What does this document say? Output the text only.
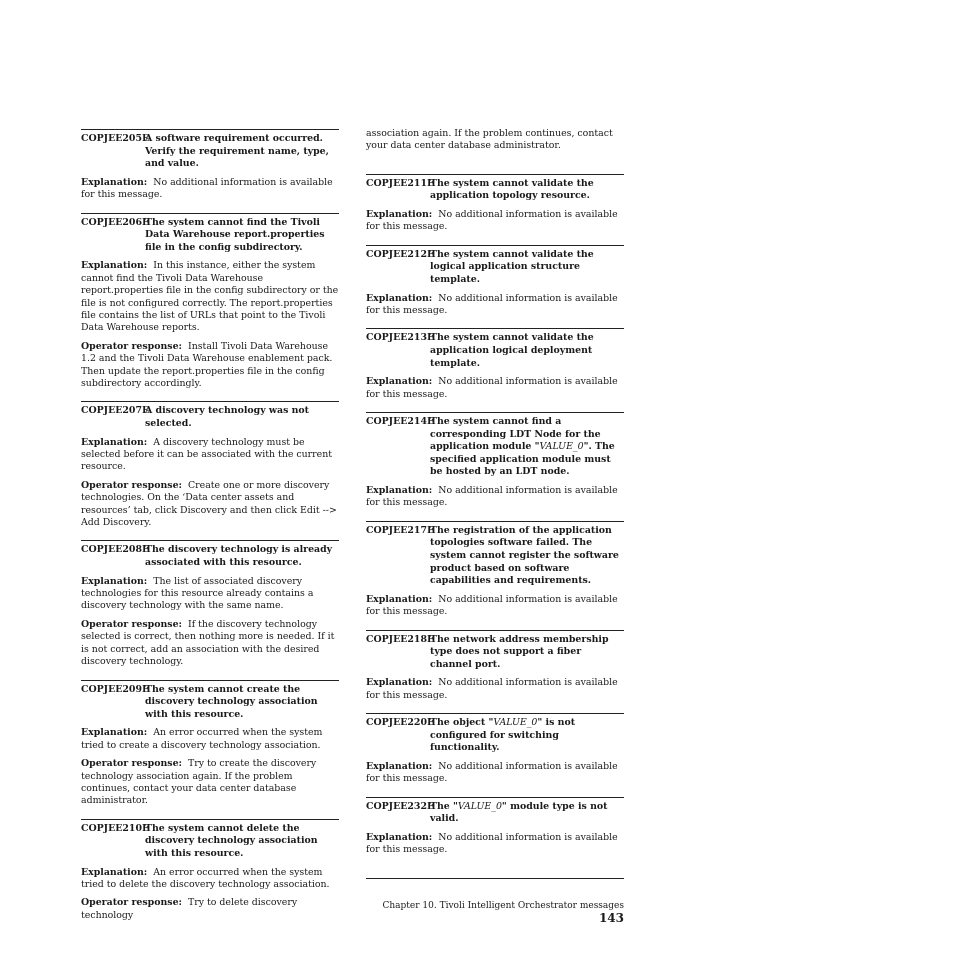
COPJEE205E
A software requirement occurred. Verify the requirement name, type, and value.

Explanation: No additional information is available for this message.

COPJEE206E
The system cannot find the Tivoli Data Warehouse report.properties file in the config subdirectory.

Explanation: In this instance, either the system cannot find the Tivoli Data Warehouse report.properties file in the config subdirectory or the file is not configured correctly. The report.properties file contains the list of URLs that point to the Tivoli Data Warehouse reports.

Operator response: Install Tivoli Data Warehouse 1.2 and the Tivoli Data Warehouse enablement pack. Then update the report.properties file in the config subdirectory accordingly.

COPJEE207E
A discovery technology was not selected.

Explanation: A discovery technology must be selected before it can be associated with the current resource.

Operator response: Create one or more discovery technologies. On the ‘Data center assets and resources’ tab, click Discovery and then click Edit --> Add Discovery.

COPJEE208E
The discovery technology is already associated with this resource.

Explanation: The list of associated discovery technologies for this resource already contains a discovery technology with the same name.

Operator response: If the discovery technology selected is correct, then nothing more is needed. If it is not correct, add an association with the desired discovery technology.

COPJEE209E
The system cannot create the discovery technology association with this resource.

Explanation: An error occurred when the system tried to create a discovery technology association.

Operator response: Try to create the discovery technology association again. If the problem continues, contact your data center database administrator.

COPJEE210E
The system cannot delete the discovery technology association with this resource.

Explanation: An error occurred when the system tried to delete the discovery technology association.

Operator response: Try to delete discovery technology

association again. If the problem continues, contact your data center database administrator.

COPJEE211E
The system cannot validate the application topology resource.

Explanation: No additional information is available for this message.

COPJEE212E
The system cannot validate the logical application structure template.

Explanation: No additional information is available for this message.

COPJEE213E
The system cannot validate the application logical deployment template.

Explanation: No additional information is available for this message.

COPJEE214E
The system cannot find a corresponding LDT Node for the application module "VALUE_0". The specified application module must be hosted by an LDT node.

Explanation: No additional information is available for this message.

COPJEE217E
The registration of the application topologies software failed. The system cannot register the software product based on software capabilities and requirements.

Explanation: No additional information is available for this message.

COPJEE218E
The network address membership type does not support a fiber channel port.

Explanation: No additional information is available for this message.

COPJEE220E
The object "VALUE_0" is not configured for switching functionality.

Explanation: No additional information is available for this message.

COPJEE232E
The "VALUE_0" module type is not valid.

Explanation: No additional information is available for this message.

Chapter 10. Tivoli Intelligent Orchestrator messages 143
